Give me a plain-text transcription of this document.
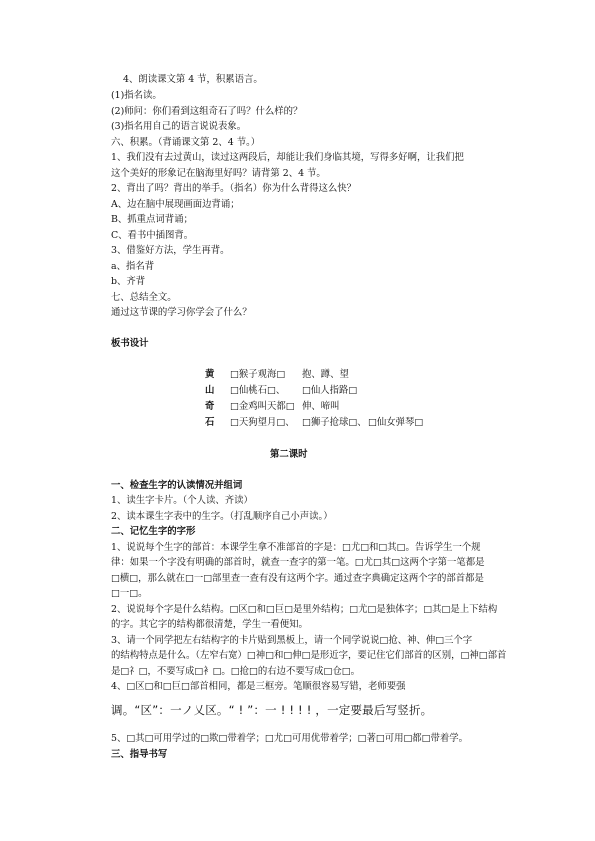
4、朗读课文第 4 节，积累语言。
(1)指名读。
(2)师问：你们看到这组奇石了吗？什么样的？
(3)指名用自己的语言说说表象。
六、积累。（背诵课文第 2、4 节。）
1、我们没有去过黄山，读过这两段后，却能让我们身临其境，写得多好啊，让我们把
这个美好的形象记在脑海里好吗？请背第 2、4 节。
2、背出了吗？背出的举手。（指名）你为什么背得这么快？
A、边在脑中展现画面边背诵；
B、抓重点词背诵；
C、看书中插图背。
3、借鉴好方法，学生再背。
a、指名背
b、齐背
七、总结全文。
通过这节课的学习你学会了什么？
板书设计
黄 □猴子观海□ 抱、蹲、望
山 □仙桃石□、 □仙人指路□
奇 □金鸡叫天都□ 伸、啼叫
石 □天狗望月□、 □狮子抢球□、 □仙女弹琴□
第二课时
一、检查生字的认读情况并组词
1、读生字卡片。（个人读、齐读）
2、读本课生字表中的生字。（打乱顺序自己小声读。）
二、记忆生字的字形
1、说说每个生字的部首：本课学生拿不准部首的字是：□尤□和□其□。告诉学生一个规
律：如果一个字没有明确的部首时，就查一查字的第一笔。□尤□其□这两个字第一笔都是
□横□，那么就在□一□部里查一查有没有这两个字。通过查字典确定这两个字的部首都是
□一□。
2、说说每个字是什么结构。□区□和□巨□是里外结构；□尤□是独体字；□其□是上下结构
的字。其它字的结构都很清楚，学生一看便知。
3、请一个同学把左右结构字的卡片贴到黑板上，请一个同学说说□抢、神、伸□三个字
的结构特点是什么。（左窄右宽）□神□和□伸□是形近字，要记住它们部首的区别，□神□部首
是□礻□，不要写成□衤□。□抢□的右边不要写成□仓□。
4、□区□和□巨□部首相同，都是三框旁。笔顺很容易写错，老师要强
调。“区”：一ノ乂区。“ ! ”：一 ! ! ! ! ，一定要最后写竖折。
5、□其□可用学过的□欺□带着学；□尤□可用优带着学；□著□可用□都□带着学。
三、指导书写
